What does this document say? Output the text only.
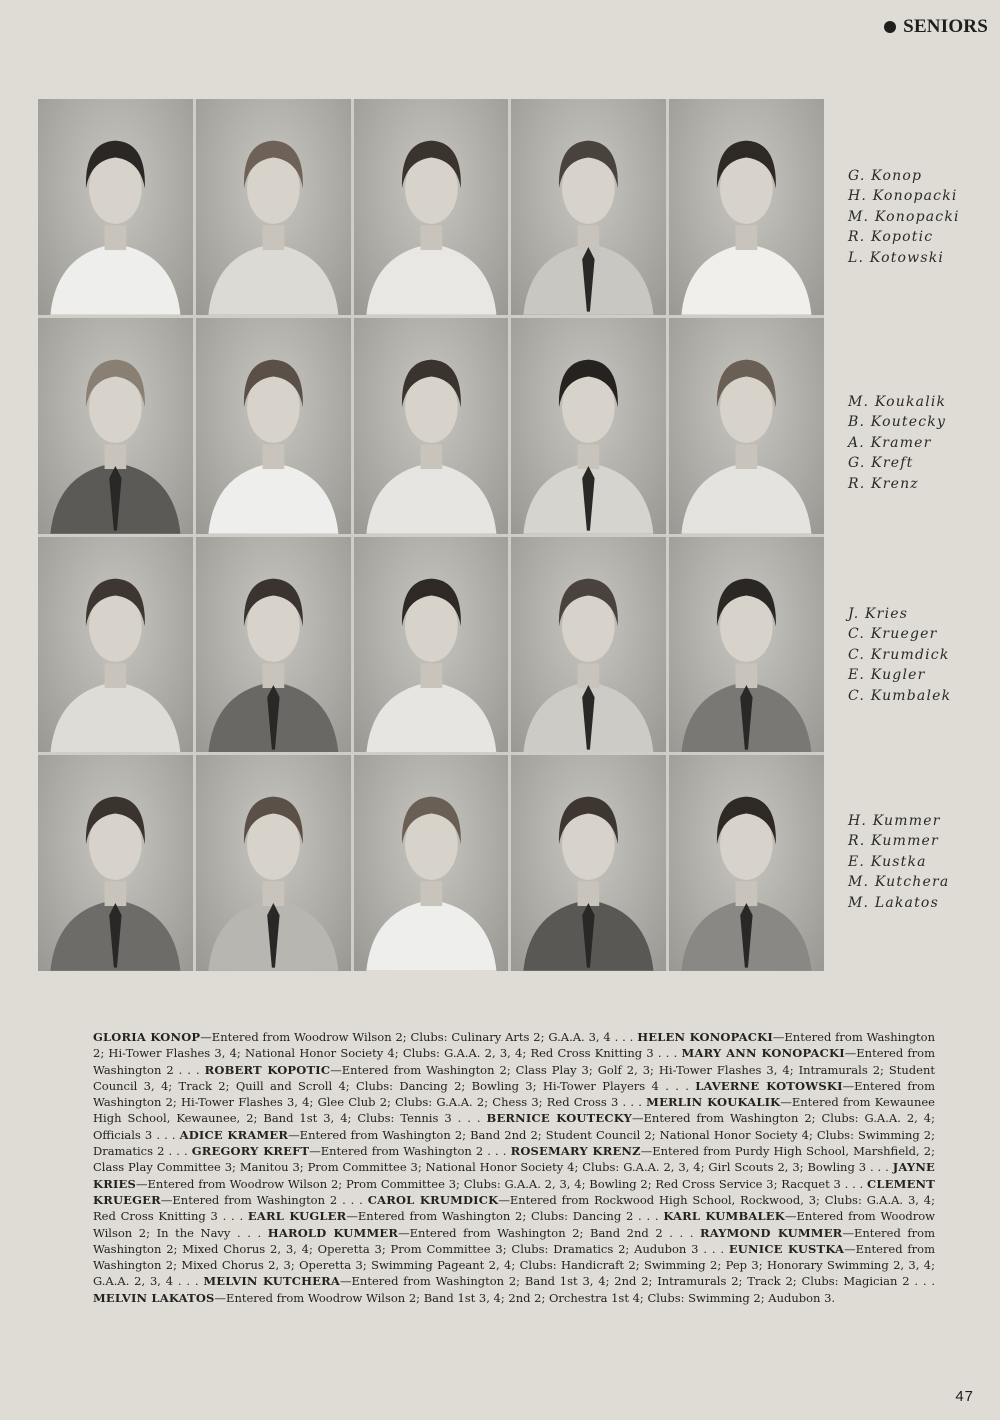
SENIORS
G. Konop
H. Konopacki
M. Konopacki
R. Kopotic
L. Kotowski
M. Koukalik
B. Koutecky
A. Kramer
G. Kreft
R. Krenz
J. Kries
C. Krueger
C. Krumdick
E. Kugler
C. Kumbalek
H. Kummer
R. Kummer
E. Kustka
M. Kutchera
M. Lakatos
GLORIA KONOP—Entered from Woodrow Wilson 2; Clubs: Culinary Arts 2; G.A.A. 3, 4 . . . HELEN KONOPACKI—Entered from Washington 2; Hi-Tower Flashes 3, 4; National Honor Society 4; Clubs: G.A.A. 2, 3, 4; Red Cross Knitting 3 . . . MARY ANN KONOPACKI—Entered from Washington 2 . . . ROBERT KOPOTIC—Entered from Washington 2; Class Play 3; Golf 2, 3; Hi-Tower Flashes 3, 4; Intramurals 2; Student Council 3, 4; Track 2; Quill and Scroll 4; Clubs: Dancing 2; Bowling 3; Hi-Tower Players 4 . . . LAVERNE KOTOWSKI—Entered from Washington 2; Hi-Tower Flashes 3, 4; Glee Club 2; Clubs: G.A.A. 2; Chess 3; Red Cross 3 . . . MERLIN KOUKALIK—Entered from Kewaunee High School, Kewaunee, 2; Band 1st 3, 4; Clubs: Tennis 3 . . . BERNICE KOUTECKY—Entered from Washington 2; Clubs: G.A.A. 2, 4; Officials 3 . . . ADICE KRAMER—Entered from Washington 2; Band 2nd 2; Student Council 2; National Honor Society 4; Clubs: Swimming 2; Dramatics 2 . . . GREGORY KREFT—Entered from Washington 2 . . . ROSEMARY KRENZ—Entered from Purdy High School, Marshfield, 2; Class Play Committee 3; Manitou 3; Prom Committee 3; National Honor Society 4; Clubs: G.A.A. 2, 3, 4; Girl Scouts 2, 3; Bowling 3 . . . JAYNE KRIES—Entered from Woodrow Wilson 2; Prom Committee 3; Clubs: G.A.A. 2, 3, 4; Bowling 2; Red Cross Service 3; Racquet 3 . . . CLEMENT KRUEGER—Entered from Washington 2 . . . CAROL KRUMDICK—Entered from Rockwood High School, Rockwood, 3; Clubs: G.A.A. 3, 4; Red Cross Knitting 3 . . . EARL KUGLER—Entered from Washington 2; Clubs: Dancing 2 . . . KARL KUMBALEK—Entered from Woodrow Wilson 2; In the Navy . . . HAROLD KUMMER—Entered from Washington 2; Band 2nd 2 . . . RAYMOND KUMMER—Entered from Washington 2; Mixed Chorus 2, 3, 4; Operetta 3; Prom Committee 3; Clubs: Dramatics 2; Audubon 3 . . . EUNICE KUSTKA—Entered from Washington 2; Mixed Chorus 2, 3; Operetta 3; Swimming Pageant 2, 4; Clubs: Handicraft 2; Swimming 2; Pep 3; Honorary Swimming 2, 3, 4; G.A.A. 2, 3, 4 . . . MELVIN KUTCHERA—Entered from Washington 2; Band 1st 3, 4; 2nd 2; Intramurals 2; Track 2; Clubs: Magician 2 . . . MELVIN LAKATOS—Entered from Woodrow Wilson 2; Band 1st 3, 4; 2nd 2; Orchestra 1st 4; Clubs: Swimming 2; Audubon 3.
47
